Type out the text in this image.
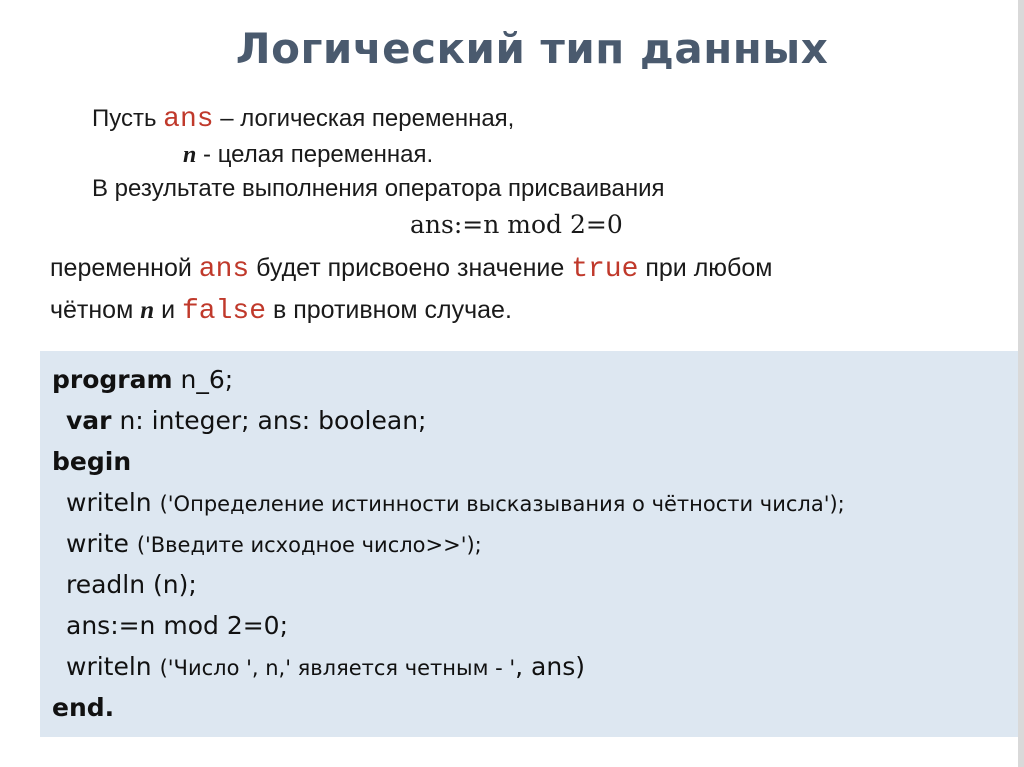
Логический тип данных
Пусть ans – логическая переменная,
n - целая переменная.
В результате выполнения оператора присваивания
ans:=n mod 2=0
переменной ans будет присвоено значение true при любом
чётном n и false в противном случае.
program n_6;
var n: integer; ans: boolean;
begin
writeln ('Определение истинности высказывания о чётности числа');
write ('Введите исходное число>>');
readln (n);
ans:=n mod 2=0;
writeln ('Число ', n,' является четным - ', ans)
end.
